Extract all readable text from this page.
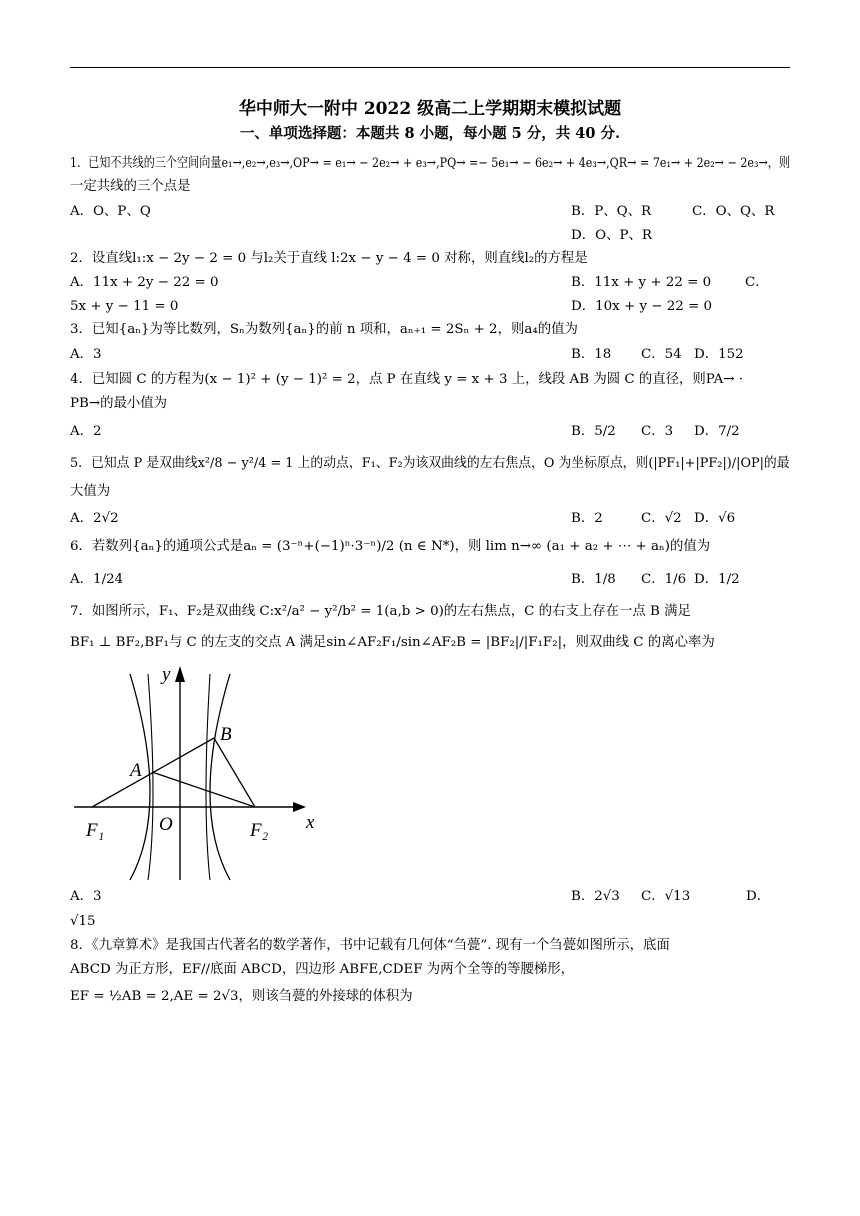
华中师大一附中 2022 级高二上学期期末模拟试题
一、单项选择题：本题共 8 小题，每小题 5 分，共 40 分.
1．已知不共线的三个空间向量e₁→,e₂→,e₃→,OP→ = e₁→ − 2e₂→ + e₃→,PQ→ =− 5e₁→ − 6e₂→ + 4e₃→,QR→ = 7e₁→ + 2e₂→ − 2e₃→，则
一定共线的三个点是
A．O、P、Q	B．P、Q、R	C．O、Q、R
D．O、P、R
2．设直线l₁:x − 2y − 2 = 0 与l₂关于直线 l:2x − y − 4 = 0 对称，则直线l₂的方程是
A．11x + 2y − 22 = 0	B．11x + y + 22 = 0	C．
5x + y − 11 = 0	D．10x + y − 22 = 0
3．已知{aₙ}为等比数列，Sₙ为数列{aₙ}的前 n 项和，aₙ₊₁ = 2Sₙ + 2，则a₄的值为
A．3	B．18 C．54 D．152
4．已知圆 C 的方程为(x − 1)² + (y − 1)² = 2，点 P 在直线 y = x + 3 上，线段 AB 为圆 C 的直径，则PA→ ·
PB→的最小值为
A．2	B．5/2 C．3 D．7/2
5．已知点 P 是双曲线x²/8 − y²/4 = 1 上的动点，F₁、F₂为该双曲线的左右焦点，O 为坐标原点，则(|PF₁|+|PF₂|)/|OP|的最
大值为
A．2√2	B．2	C．√2 D．√6
6．若数列{aₙ}的通项公式是aₙ = (3⁻ⁿ+(−1)ⁿ·3⁻ⁿ)/2 (n ∈ N*)，则 lim n→∞ (a₁ + a₂ + ⋯ + aₙ)的值为
A．1/24	B．1/8 C．1/6 D．1/2
7．如图所示，F₁、F₂是双曲线 C:x²/a² − y²/b² = 1(a,b > 0)的左右焦点，C 的右支上存在一点 B 满足
BF₁ ⊥ BF₂,BF₁与 C 的左支的交点 A 满足sin∠AF₂F₁/sin∠AF₂B = |BF₂|/|F₁F₂|，则双曲线 C 的离心率为
y
x
A
B
F₁	F₂
O
A．3	B．2√3 C．√13	D．
√15
8．《九章算术》是我国古代著名的数学著作，书中记载有几何体“刍甍”. 现有一个刍甍如图所示，底面
ABCD 为正方形，EF//底面 ABCD，四边形 ABFE,CDEF 为两个全等的等腰梯形，
EF = ½AB = 2,AE = 2√3，则该刍甍的外接球的体积为
